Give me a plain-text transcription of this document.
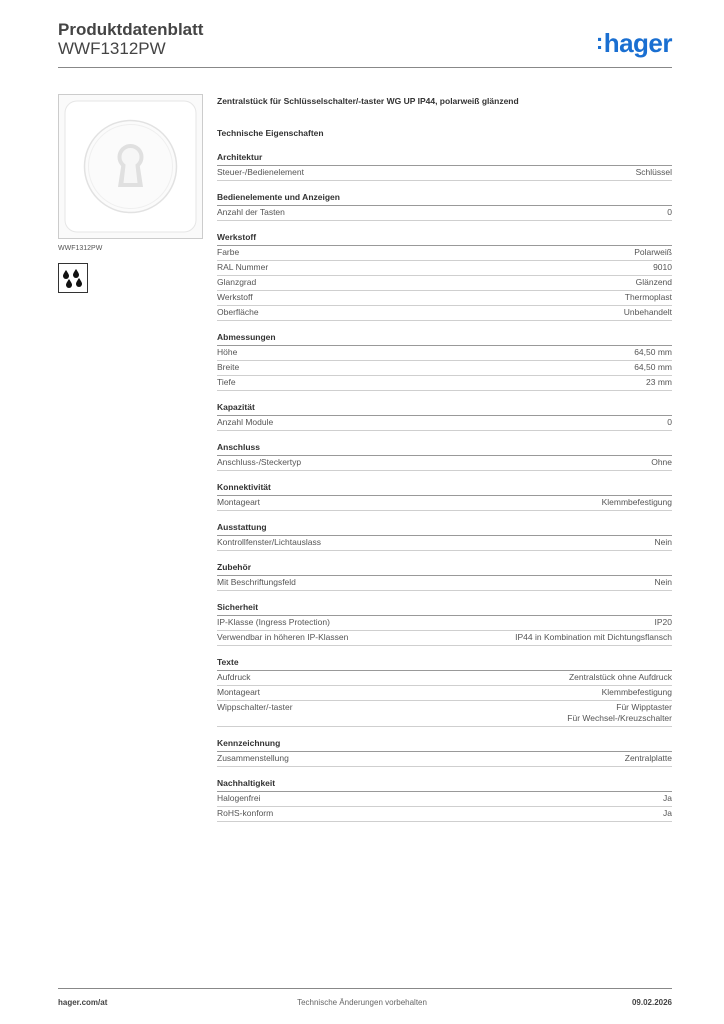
Produktdatenblatt
WWF1312PW	:hager
WWF1312PW
Zentralstück für Schlüsselschalter/-taster WG UP IP44, polarweiß glänzend
Technische Eigenschaften
Architektur
Steuer-/Bedienelement	Schlüssel
Bedienelemente und Anzeigen
Anzahl der Tasten	0
Werkstoff
Farbe	Polarweiß
RAL Nummer	9010
Glanzgrad	Glänzend
Werkstoff	Thermoplast
Oberfläche	Unbehandelt
Abmessungen
Höhe	64,50 mm
Breite	64,50 mm
Tiefe	23 mm
Kapazität
Anzahl Module	0
Anschluss
Anschluss-/Steckertyp	Ohne
Konnektivität
Montageart	Klemmbefestigung
Ausstattung
Kontrollfenster/Lichtauslass	Nein
Zubehör
Mit Beschriftungsfeld	Nein
Sicherheit
IP-Klasse (Ingress Protection)	IP20
Verwendbar in höheren IP-Klassen	IP44 in Kombination mit Dichtungsflansch
Texte
Aufdruck	Zentralstück ohne Aufdruck
Montageart	Klemmbefestigung
Wippschalter/-taster	Für Wipptaster
Für Wechsel-/Kreuzschalter
Kennzeichnung
Zusammenstellung	Zentralplatte
Nachhaltigkeit
Halogenfrei	Ja
RoHS-konform	Ja
hager.com/at	Technische Änderungen vorbehalten	09.02.2026
